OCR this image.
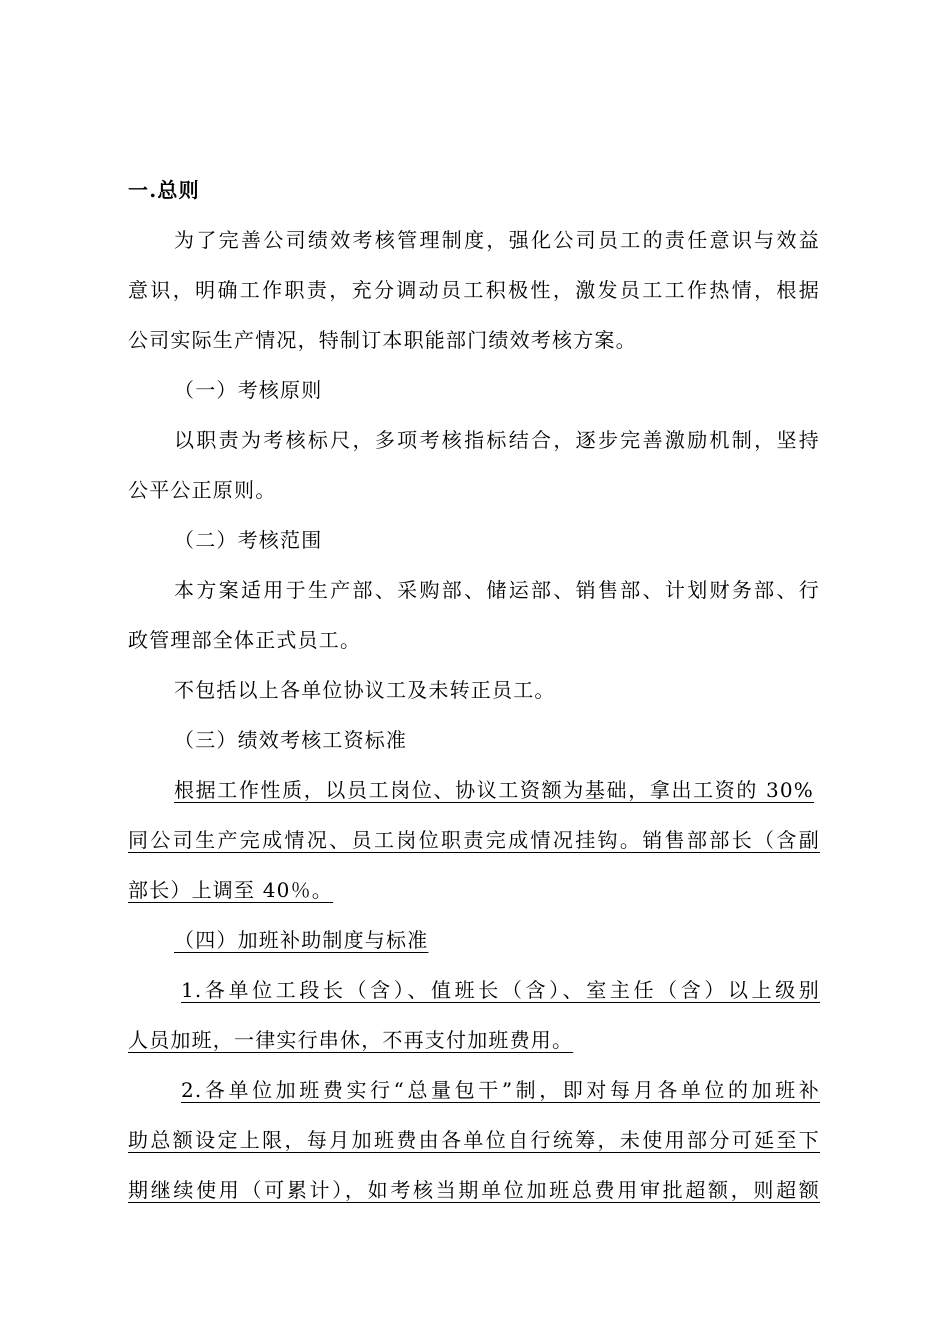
一.总则
为了完善公司绩效考核管理制度，强化公司员工的责任意识与效益
意识，明确工作职责，充分调动员工积极性，激发员工工作热情，根据
公司实际生产情况，特制订本职能部门绩效考核方案。
（一）考核原则
以职责为考核标尺，多项考核指标结合，逐步完善激励机制，坚持
公平公正原则。
（二）考核范围
本方案适用于生产部、采购部、储运部、销售部、计划财务部、行
政管理部全体正式员工。
不包括以上各单位协议工及未转正员工。
（三）绩效考核工资标准
根据工作性质，以员工岗位、协议工资额为基础，拿出工资的 30%
同公司生产完成情况、员工岗位职责完成情况挂钩。销售部部长（含副
部长）上调至 40％。
（四）加班补助制度与标准
1.各单位工段长（含）、值班长（含）、室主任（含）以上级别
人员加班，一律实行串休，不再支付加班费用。
2.各单位加班费实行“总量包干”制，即对每月各单位的加班补
助总额设定上限，每月加班费由各单位自行统筹，未使用部分可延至下
期继续使用（可累计），如考核当期单位加班总费用审批超额，则超额
